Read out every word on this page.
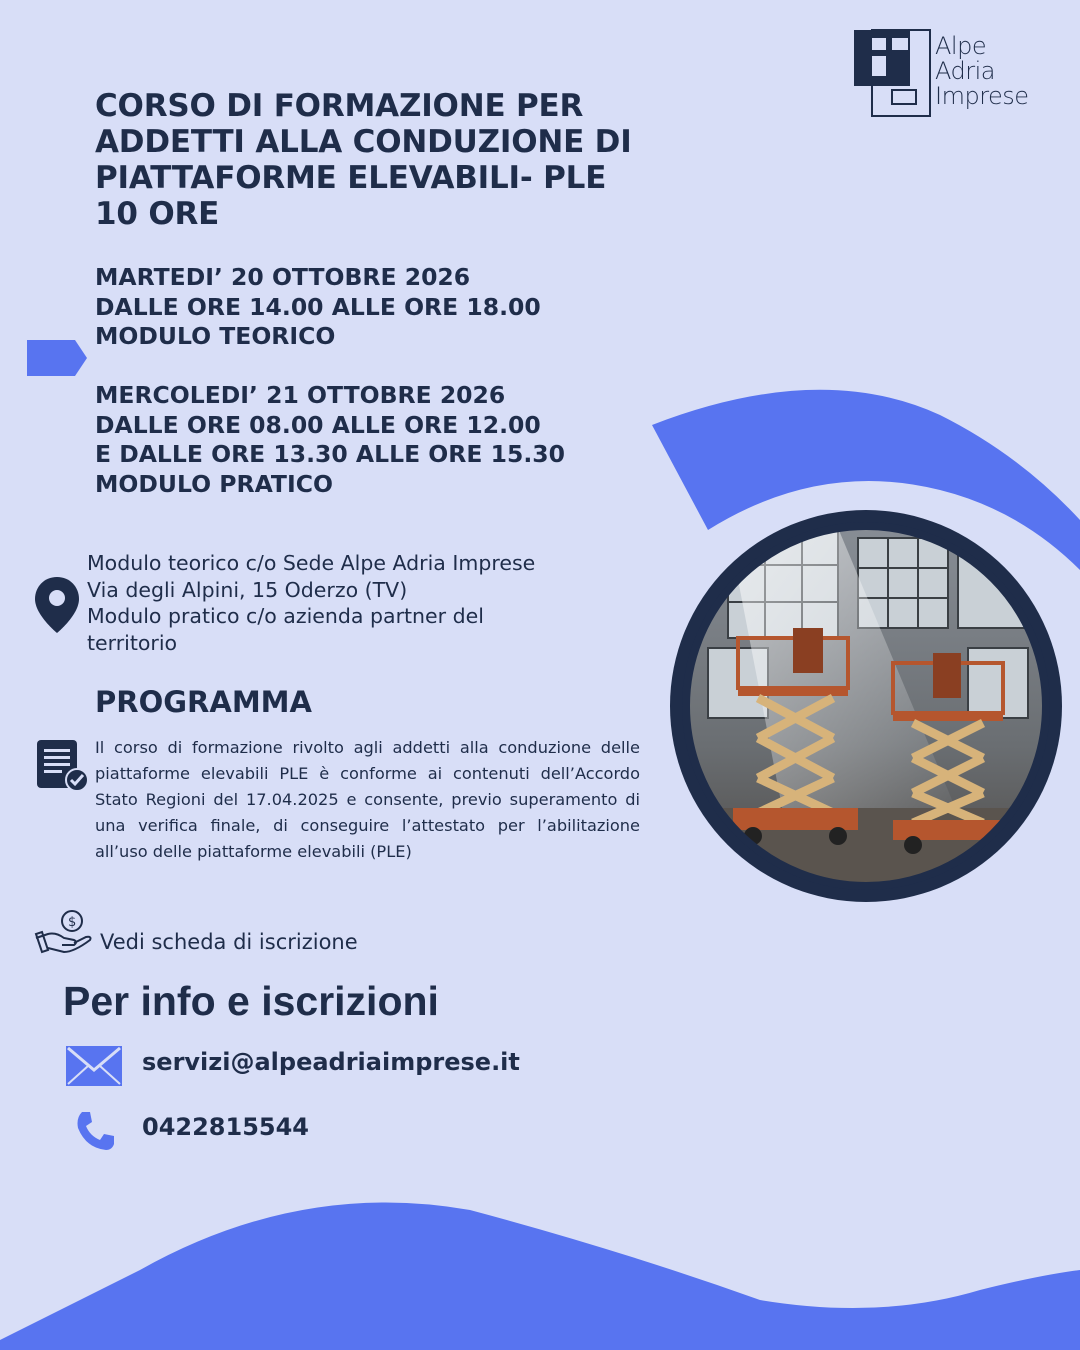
Alpe
Adria
Imprese
CORSO DI FORMAZIONE PER
ADDETTI ALLA CONDUZIONE DI
PIATTAFORME ELEVABILI- PLE
10 ORE
MARTEDI’ 20 OTTOBRE 2026
DALLE ORE 14.00 ALLE ORE 18.00
MODULO TEORICO
MERCOLEDI’ 21 OTTOBRE 2026
DALLE ORE 08.00 ALLE ORE 12.00
E DALLE ORE 13.30 ALLE ORE 15.30
MODULO PRATICO
Modulo teorico c/o Sede Alpe Adria Imprese
Via degli Alpini, 15 Oderzo (TV)
Modulo pratico c/o azienda partner del
territorio
PROGRAMMA
Il corso di formazione rivolto agli addetti alla conduzione delle piattaforme elevabili PLE è conforme ai contenuti dell’Accordo Stato Regioni del 17.04.2025 e consente, previo superamento di una verifica finale, di conseguire l’attestato per l’abilitazione all’uso delle piattaforme elevabili (PLE)
$
Vedi scheda di iscrizione
Per info e iscrizioni
servizi@alpeadriaimprese.it
0422815544
